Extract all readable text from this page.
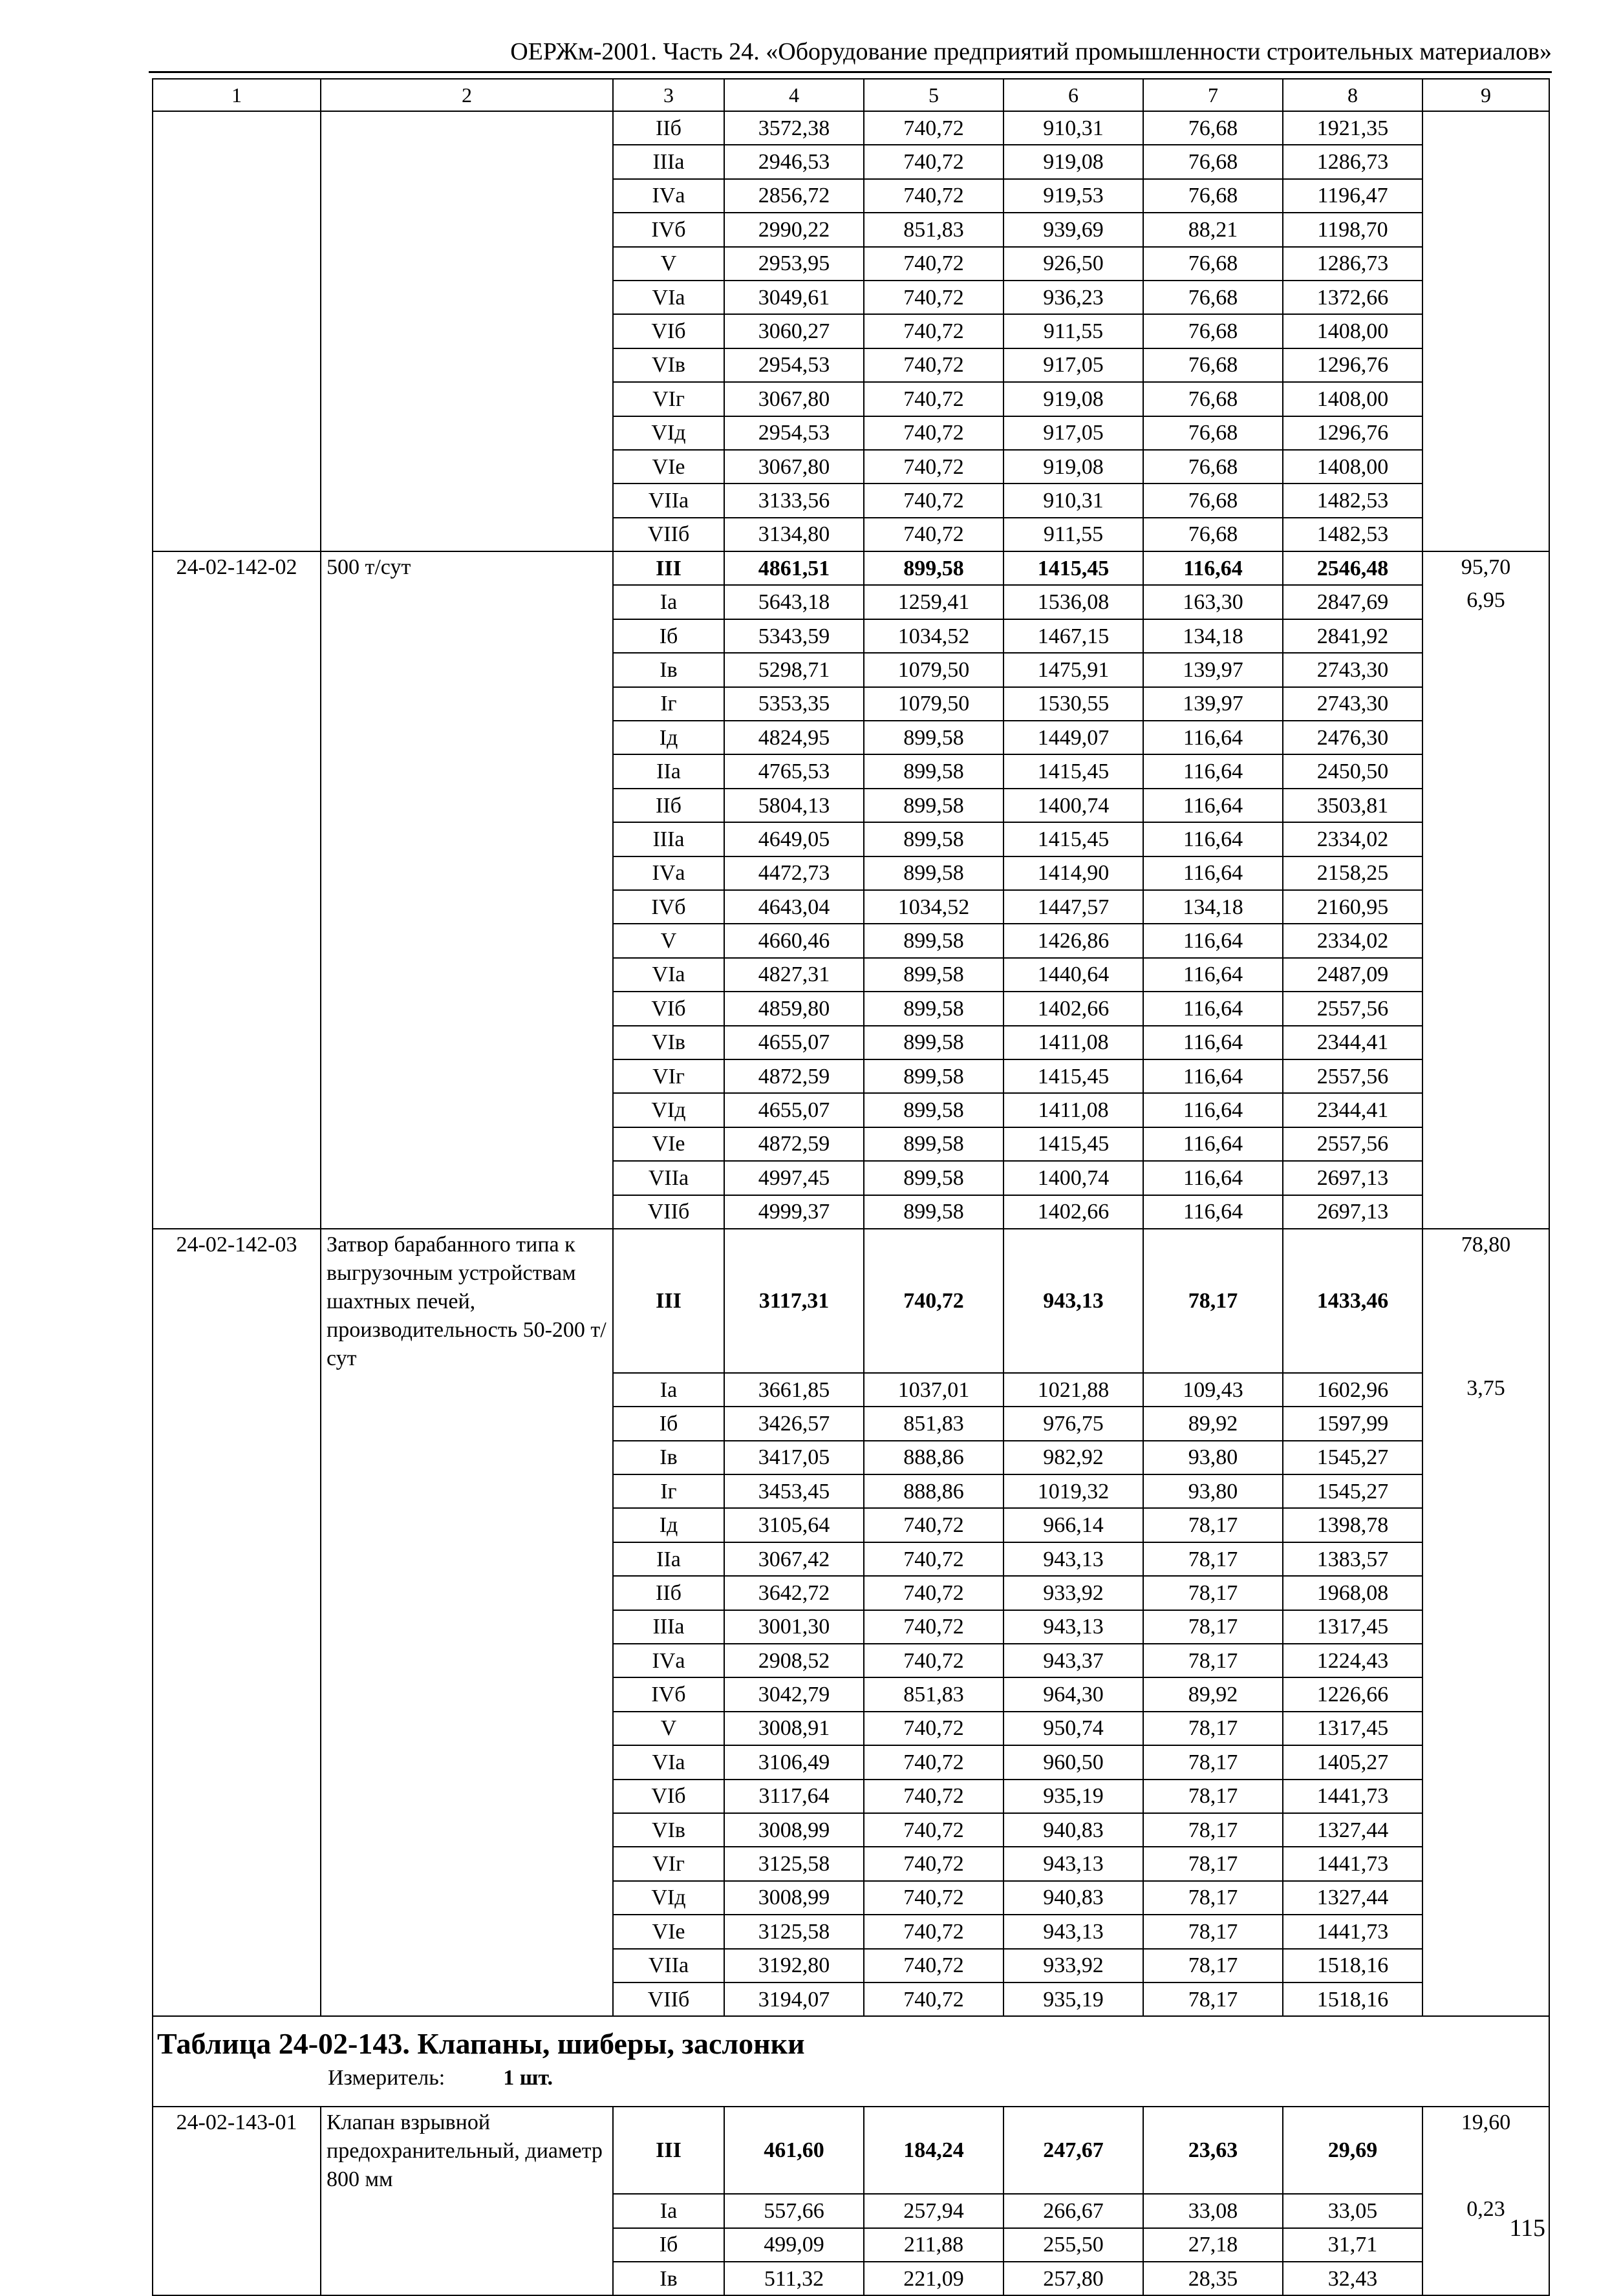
ОЕРЖм-2001. Часть 24. «Оборудование предприятий промышленности строительных материалов»
1	2	3	4	5	6	7	8	9
		IIб	3572,38	740,72	910,31	76,68	1921,35	
		IIIа	2946,53	740,72	919,08	76,68	1286,73	
		IVа	2856,72	740,72	919,53	76,68	1196,47	
		IVб	2990,22	851,83	939,69	88,21	1198,70	
		V	2953,95	740,72	926,50	76,68	1286,73	
		VIа	3049,61	740,72	936,23	76,68	1372,66	
		VIб	3060,27	740,72	911,55	76,68	1408,00	
		VIв	2954,53	740,72	917,05	76,68	1296,76	
		VIг	3067,80	740,72	919,08	76,68	1408,00	
		VIд	2954,53	740,72	917,05	76,68	1296,76	
		VIе	3067,80	740,72	919,08	76,68	1408,00	
		VIIа	3133,56	740,72	910,31	76,68	1482,53	
		VIIб	3134,80	740,72	911,55	76,68	1482,53	
24-02-142-02	500 т/сут	III	4861,51	899,58	1415,45	116,64	2546,48	95,70
		Iа	5643,18	1259,41	1536,08	163,30	2847,69	6,95
		Iб	5343,59	1034,52	1467,15	134,18	2841,92	
		Iв	5298,71	1079,50	1475,91	139,97	2743,30	
		Iг	5353,35	1079,50	1530,55	139,97	2743,30	
		Iд	4824,95	899,58	1449,07	116,64	2476,30	
		IIа	4765,53	899,58	1415,45	116,64	2450,50	
		IIб	5804,13	899,58	1400,74	116,64	3503,81	
		IIIа	4649,05	899,58	1415,45	116,64	2334,02	
		IVа	4472,73	899,58	1414,90	116,64	2158,25	
		IVб	4643,04	1034,52	1447,57	134,18	2160,95	
		V	4660,46	899,58	1426,86	116,64	2334,02	
		VIа	4827,31	899,58	1440,64	116,64	2487,09	
		VIб	4859,80	899,58	1402,66	116,64	2557,56	
		VIв	4655,07	899,58	1411,08	116,64	2344,41	
		VIг	4872,59	899,58	1415,45	116,64	2557,56	
		VIд	4655,07	899,58	1411,08	116,64	2344,41	
		VIе	4872,59	899,58	1415,45	116,64	2557,56	
		VIIа	4997,45	899,58	1400,74	116,64	2697,13	
		VIIб	4999,37	899,58	1402,66	116,64	2697,13	
24-02-142-03	Затвор барабанного типа к выгрузочным устройствам шахтных печей, производительность 50-200 т/сут	III	3117,31	740,72	943,13	78,17	1433,46	78,80
		Iа	3661,85	1037,01	1021,88	109,43	1602,96	3,75
		Iб	3426,57	851,83	976,75	89,92	1597,99	
		Iв	3417,05	888,86	982,92	93,80	1545,27	
		Iг	3453,45	888,86	1019,32	93,80	1545,27	
		Iд	3105,64	740,72	966,14	78,17	1398,78	
		IIа	3067,42	740,72	943,13	78,17	1383,57	
		IIб	3642,72	740,72	933,92	78,17	1968,08	
		IIIа	3001,30	740,72	943,13	78,17	1317,45	
		IVа	2908,52	740,72	943,37	78,17	1224,43	
		IVб	3042,79	851,83	964,30	89,92	1226,66	
		V	3008,91	740,72	950,74	78,17	1317,45	
		VIа	3106,49	740,72	960,50	78,17	1405,27	
		VIб	3117,64	740,72	935,19	78,17	1441,73	
		VIв	3008,99	740,72	940,83	78,17	1327,44	
		VIг	3125,58	740,72	943,13	78,17	1441,73	
		VIд	3008,99	740,72	940,83	78,17	1327,44	
		VIе	3125,58	740,72	943,13	78,17	1441,73	
		VIIа	3192,80	740,72	933,92	78,17	1518,16	
		VIIб	3194,07	740,72	935,19	78,17	1518,16	

Таблица 24-02-143. Клапаны, шиберы, заслонки
Измеритель: 1 шт.								

24-02-143-01	Клапан взрывной предохранительный, диаметр 800 мм	III	461,60	184,24	247,67	23,63	29,69	19,60
		Iа	557,66	257,94	266,67	33,08	33,05	0,23
		Iб	499,09	211,88	255,50	27,18	31,71	
		Iв	511,32	221,09	257,80	28,35	32,43	
115
